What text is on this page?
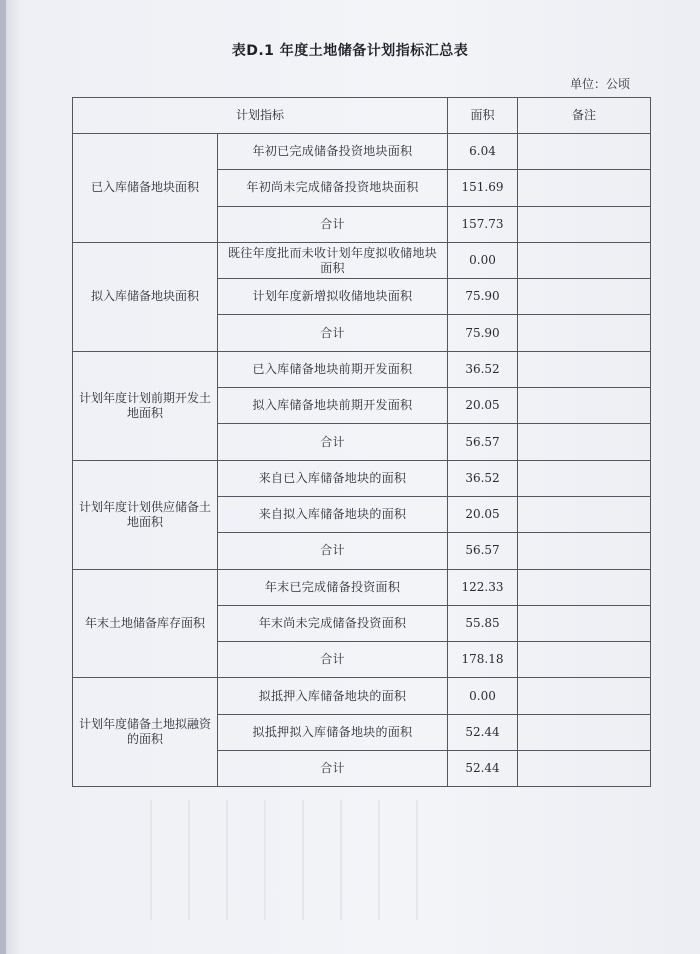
表D.1 年度土地储备计划指标汇总表
单位：公顷
计划指标		面积	备注
已入库储备地块面积	年初已完成储备投资地块面积	6.04	
	年初尚未完成储备投资地块面积	151.69	
	合计	157.73	
拟入库储备地块面积	既往年度批而未收计划年度拟收储地块面积	0.00	
	计划年度新增拟收储地块面积	75.90	
	合计	75.90	
计划年度计划前期开发土地面积	已入库储备地块前期开发面积	36.52	
	拟入库储备地块前期开发面积	20.05	
	合计	56.57	
计划年度计划供应储备土地面积	来自已入库储备地块的面积	36.52	
	来自拟入库储备地块的面积	20.05	
	合计	56.57	
年末土地储备库存面积	年末已完成储备投资面积	122.33	
	年末尚未完成储备投资面积	55.85	
	合计	178.18	
计划年度储备土地拟融资的面积	拟抵押入库储备地块的面积	0.00	
	拟抵押拟入库储备地块的面积	52.44	
	合计	52.44	
